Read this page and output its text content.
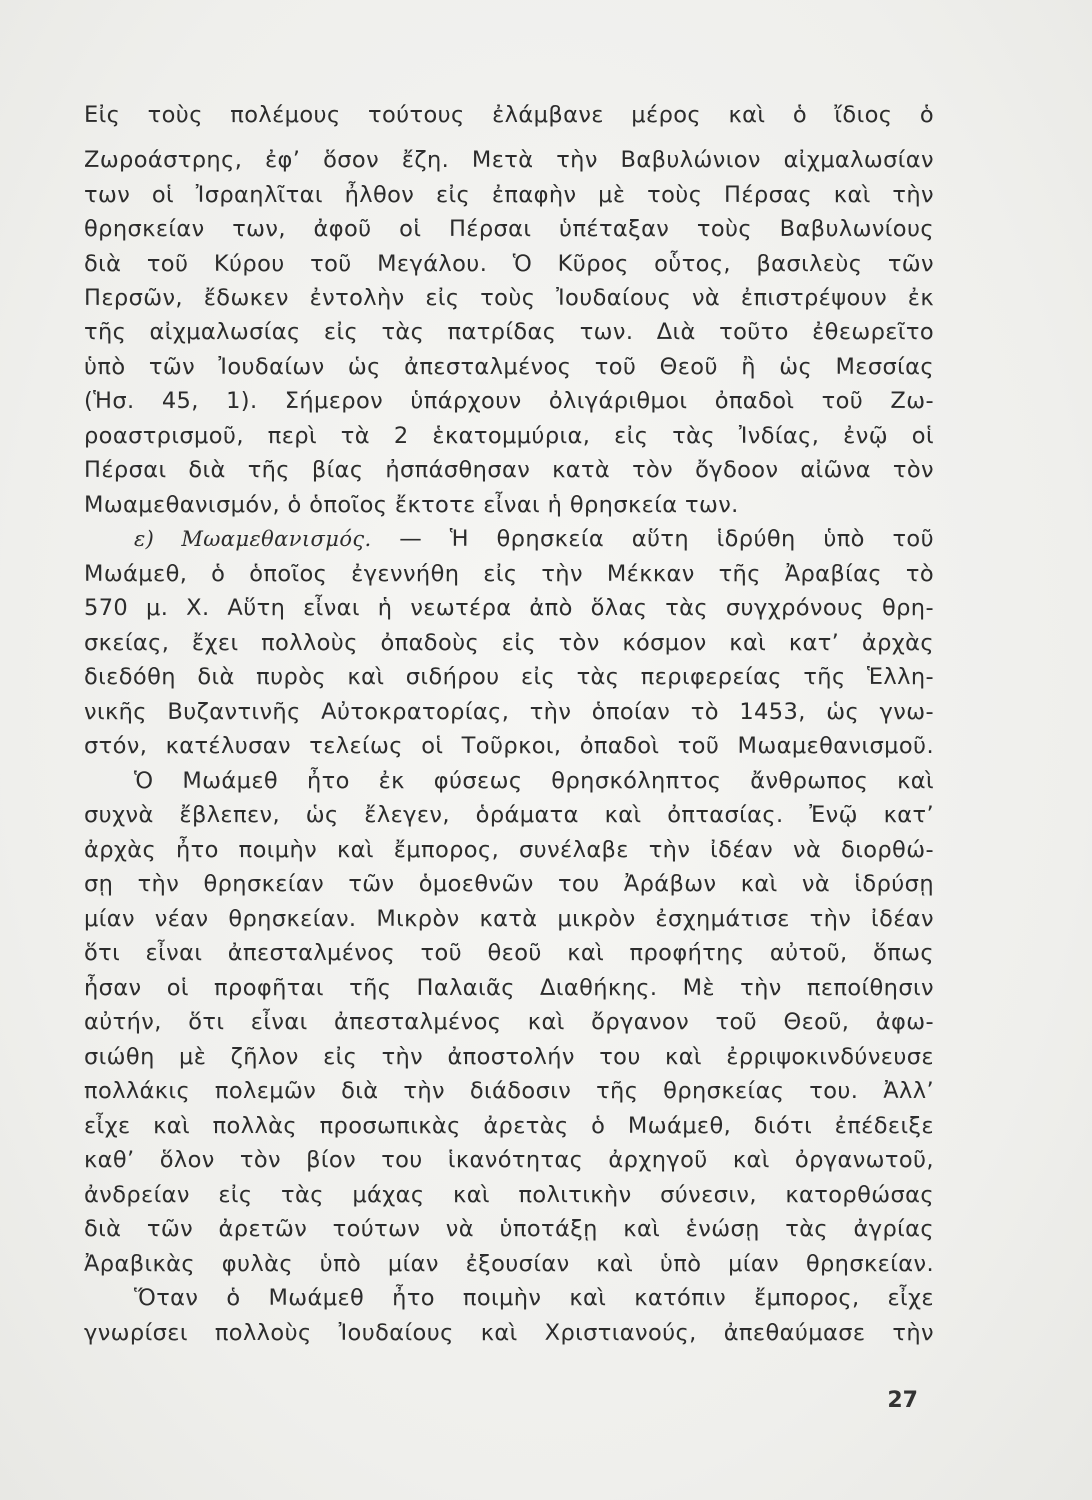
Εἰς τοὺς πολέμους τούτους ἐλάμβανε μέρος καὶ ὁ ἴδιος ὁ
Ζωροάστρης, ἐφ’ ὅσον ἔζη. Μετὰ τὴν Βαβυλώνιον αἰχμαλωσίαν
των οἱ Ἰσραηλῖται ἦλθον εἰς ἐπαφὴν μὲ τοὺς Πέρσας καὶ τὴν
θρησκείαν των, ἀφοῦ οἱ Πέρσαι ὑπέταξαν τοὺς Βαβυλωνίους
διὰ τοῦ Κύρου τοῦ Μεγάλου. Ὁ Κῦρος οὗτος, βασιλεὺς τῶν
Περσῶν, ἔδωκεν ἐντολὴν εἰς τοὺς Ἰουδαίους νὰ ἐπιστρέψουν ἐκ
τῆς αἰχμαλωσίας εἰς τὰς πατρίδας των. Διὰ τοῦτο ἐθεωρεῖτο
ὑπὸ τῶν Ἰουδαίων ὡς ἀπεσταλμένος τοῦ Θεοῦ ἢ ὡς Μεσσίας
(Ἡσ. 45, 1). Σήμερον ὑπάρχουν ὀλιγάριθμοι ὀπαδοὶ τοῦ Ζω-
ροαστρισμοῦ, περὶ τὰ 2 ἑκατομμύρια, εἰς τὰς Ἰνδίας, ἐνῷ οἱ
Πέρσαι διὰ τῆς βίας ἠσπάσθησαν κατὰ τὸν ὄγδοον αἰῶνα τὸν
Μωαμεθανισμόν, ὁ ὁποῖος ἔκτοτε εἶναι ἡ θρησκεία των.
ε) Μωαμεθανισμός. — Ἡ θρησκεία αὕτη ἱδρύθη ὑπὸ τοῦ
Μωάμεθ, ὁ ὁποῖος ἐγεννήθη εἰς τὴν Μέκκαν τῆς Ἀραβίας τὸ
570 μ. Χ. Αὕτη εἶναι ἡ νεωτέρα ἀπὸ ὅλας τὰς συγχρόνους θρη-
σκείας, ἔχει πολλοὺς ὀπαδοὺς εἰς τὸν κόσμον καὶ κατ’ ἀρχὰς
διεδόθη διὰ πυρὸς καὶ σιδήρου εἰς τὰς περιφερείας τῆς Ἑλλη-
νικῆς Βυζαντινῆς Αὐτοκρατορίας, τὴν ὁποίαν τὸ 1453, ὡς γνω-
στόν, κατέλυσαν τελείως οἱ Τοῦρκοι, ὀπαδοὶ τοῦ Μωαμεθανισμοῦ.
Ὁ Μωάμεθ ἦτο ἐκ φύσεως θρησκόληπτος ἄνθρωπος καὶ
συχνὰ ἔβλεπεν, ὡς ἔλεγεν, ὁράματα καὶ ὀπτασίας. Ἐνῷ κατ’
ἀρχὰς ἦτο ποιμὴν καὶ ἔμπορος, συνέλαβε τὴν ἰδέαν νὰ διορθώ-
σῃ τὴν θρησκείαν τῶν ὁμοεθνῶν του Ἀράβων καὶ νὰ ἱδρύσῃ
μίαν νέαν θρησκείαν. Μικρὸν κατὰ μικρὸν ἐσχημάτισε τὴν ἰδέαν
ὅτι εἶναι ἀπεσταλμένος τοῦ θεοῦ καὶ προφήτης αὐτοῦ, ὅπως
ἦσαν οἱ προφῆται τῆς Παλαιᾶς Διαθήκης. Μὲ τὴν πεποίθησιν
αὐτήν, ὅτι εἶναι ἀπεσταλμένος καὶ ὄργανον τοῦ Θεοῦ, ἀφω-
σιώθη μὲ ζῆλον εἰς τὴν ἀποστολήν του καὶ ἐρριψοκινδύνευσε
πολλάκις πολεμῶν διὰ τὴν διάδοσιν τῆς θρησκείας του. Ἀλλ’
εἶχε καὶ πολλὰς προσωπικὰς ἀρετὰς ὁ Μωάμεθ, διότι ἐπέδειξε
καθ’ ὅλον τὸν βίον του ἱκανότητας ἀρχηγοῦ καὶ ὀργανωτοῦ,
ἀνδρείαν εἰς τὰς μάχας καὶ πολιτικὴν σύνεσιν, κατορθώσας
διὰ τῶν ἀρετῶν τούτων νὰ ὑποτάξῃ καὶ ἑνώσῃ τὰς ἀγρίας
Ἀραβικὰς φυλὰς ὑπὸ μίαν ἐξουσίαν καὶ ὑπὸ μίαν θρησκείαν.
Ὅταν ὁ Μωάμεθ ἦτο ποιμὴν καὶ κατόπιν ἔμπορος, εἶχε
γνωρίσει πολλοὺς Ἰουδαίους καὶ Χριστιανούς, ἀπεθαύμασε τὴν
27
